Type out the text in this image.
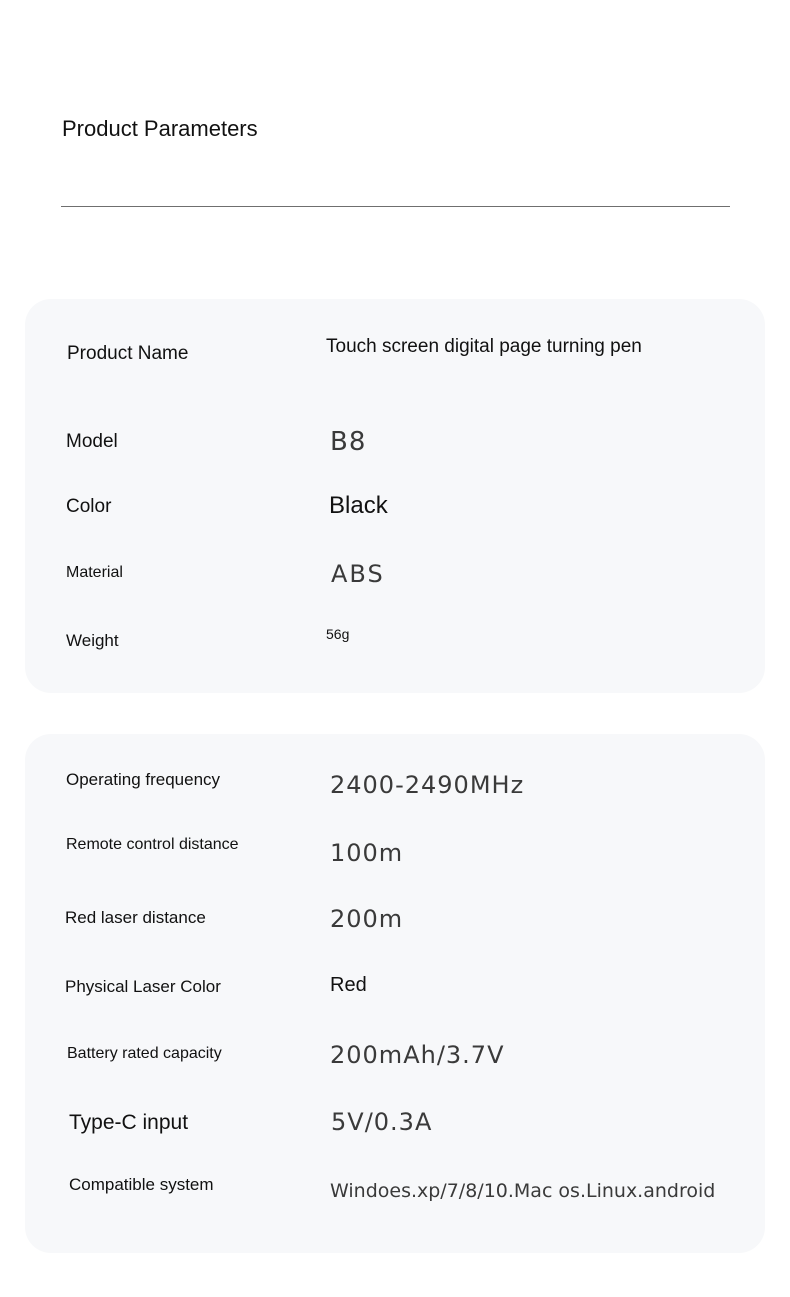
Product Parameters
Product Name	Touch screen digital page turning pen
Model	B8
Color	Black
Material	ABS
Weight	56g
Operating frequency	2400-2490MHz
Remote control distance	100m
Red laser distance	200m
Physical Laser Color	Red
Battery rated capacity	200mAh/3.7V
Type-C input	5V/0.3A
Compatible system	Windoes.xp/7/8/10.Mac os.Linux.android
